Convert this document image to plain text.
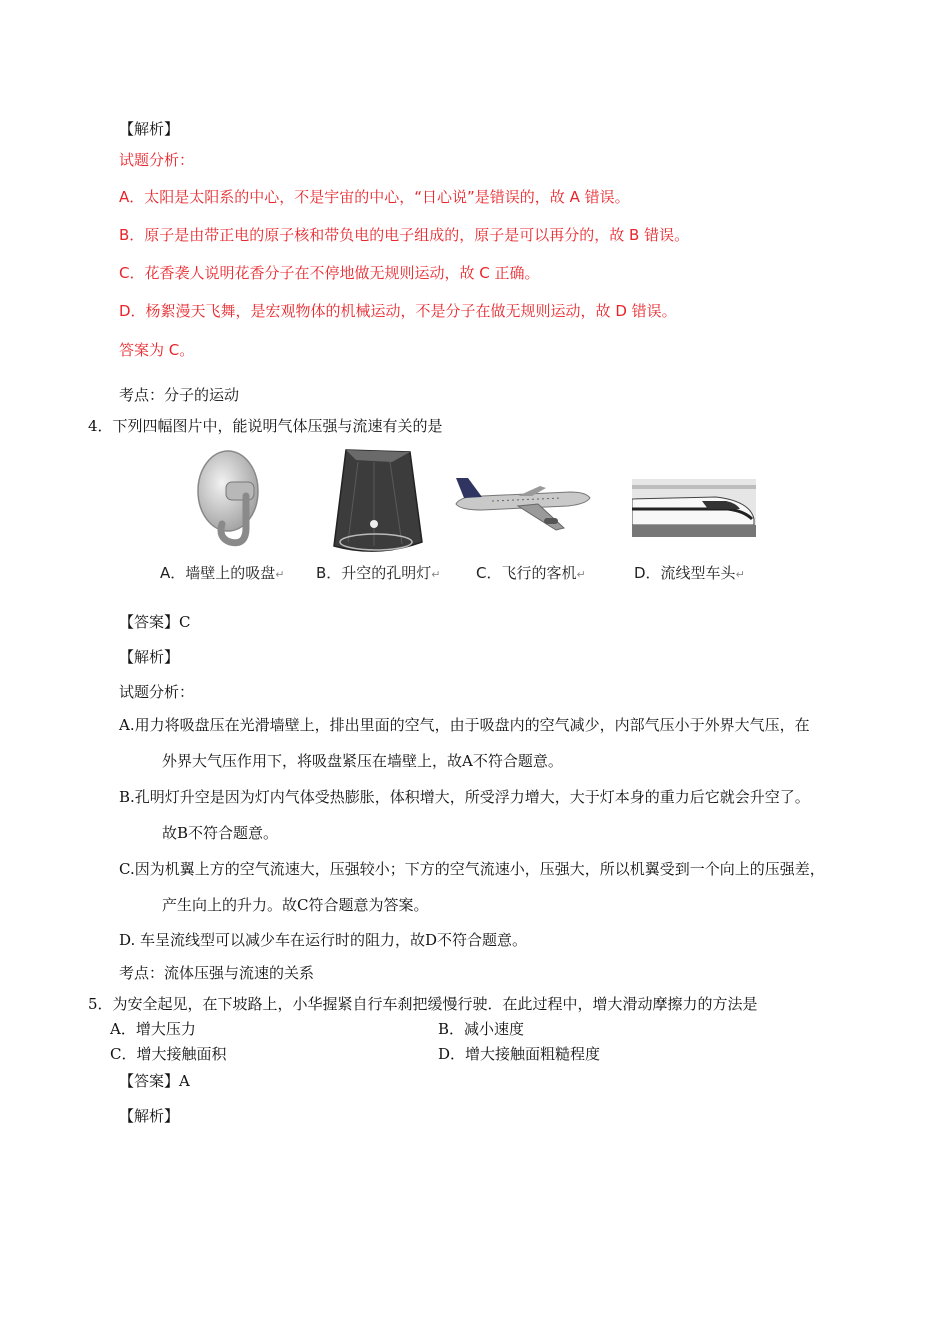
【解析】
试题分析：
A．太阳是太阳系的中心，不是宇宙的中心，“日心说”是错误的，故 A 错误。
B．原子是由带正电的原子核和带负电的电子组成的，原子是可以再分的，故 B 错误。
C．花香袭人说明花香分子在不停地做无规则运动，故 C 正确。
D．杨絮漫天飞舞，是宏观物体的机械运动，不是分子在做无规则运动，故 D 错误。
答案为 C。
考点：分子的运动
4．下列四幅图片中，能说明气体压强与流速有关的是
A．墙壁上的吸盘↵ B．升空的孔明灯↵ C．飞行的客机↵	D．流线型车头↵
【答案】C
【解析】
试题分析：
A.用力将吸盘压在光滑墙壁上，排出里面的空气，由于吸盘内的空气减少，内部气压小于外界大气压，在
外界大气压作用下，将吸盘紧压在墙壁上，故A不符合题意。
B.孔明灯升空是因为灯内气体受热膨胀，体积增大，所受浮力增大，大于灯本身的重力后它就会升空了。
故B不符合题意。
C.因为机翼上方的空气流速大，压强较小；下方的空气流速小，压强大，所以机翼受到一个向上的压强差，
产生向上的升力。故C符合题意为答案。
D. 车呈流线型可以减少车在运行时的阻力，故D不符合题意。
考点：流体压强与流速的关系
5．为安全起见，在下坡路上，小华握紧自行车刹把缓慢行驶．在此过程中，增大滑动摩擦力的方法是
A．增大压力	B．减小速度
C．增大接触面积	D．增大接触面粗糙程度
【答案】A
【解析】
